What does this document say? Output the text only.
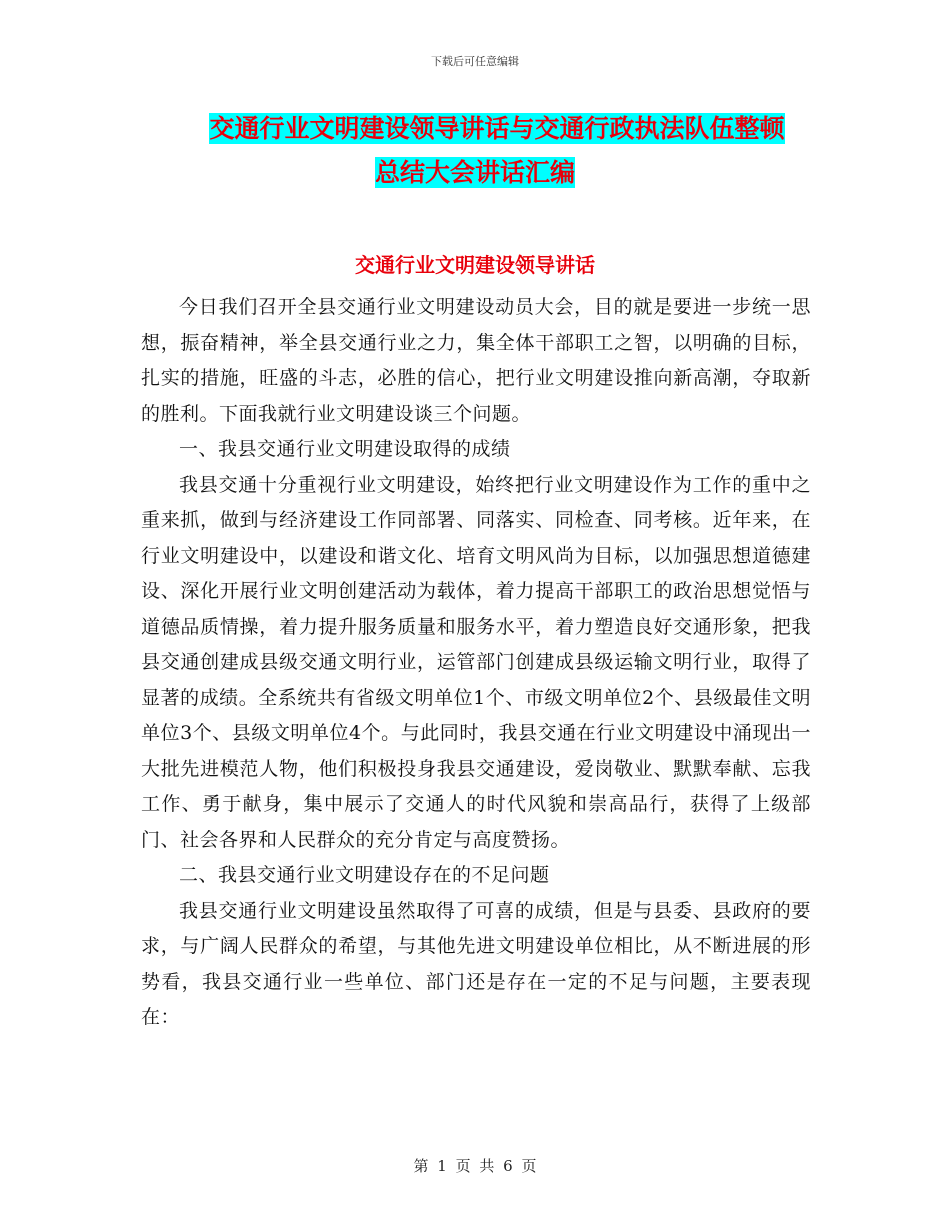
下载后可任意编辑
交通行业文明建设领导讲话与交通行政执法队伍整顿
总结大会讲话汇编
交通行业文明建设领导讲话

今日我们召开全县交通行业文明建设动员大会，目的就是要进一步统一思想，振奋精神，举全县交通行业之力，集全体干部职工之智，以明确的目标，扎实的措施，旺盛的斗志，必胜的信心，把行业文明建设推向新高潮，夺取新的胜利。下面我就行业文明建设谈三个问题。

一、我县交通行业文明建设取得的成绩

我县交通十分重视行业文明建设，始终把行业文明建设作为工作的重中之重来抓，做到与经济建设工作同部署、同落实、同检查、同考核。近年来，在行业文明建设中，以建设和谐文化、培育文明风尚为目标，以加强思想道德建设、深化开展行业文明创建活动为载体，着力提高干部职工的政治思想觉悟与道德品质情操，着力提升服务质量和服务水平，着力塑造良好交通形象，把我县交通创建成县级交通文明行业，运管部门创建成县级运输文明行业，取得了显著的成绩。全系统共有省级文明单位1个、市级文明单位2个、县级最佳文明单位3个、县级文明单位4个。与此同时，我县交通在行业文明建设中涌现出一大批先进模范人物，他们积极投身我县交通建设，爱岗敬业、默默奉献、忘我工作、勇于献身，集中展示了交通人的时代风貌和崇高品行，获得了上级部门、社会各界和人民群众的充分肯定与高度赞扬。

二、我县交通行业文明建设存在的不足问题

我县交通行业文明建设虽然取得了可喜的成绩，但是与县委、县政府的要求，与广阔人民群众的希望，与其他先进文明建设单位相比，从不断进展的形势看，我县交通行业一些单位、部门还是存在一定的不足与问题，主要表现在：

第 1 页 共 6 页
